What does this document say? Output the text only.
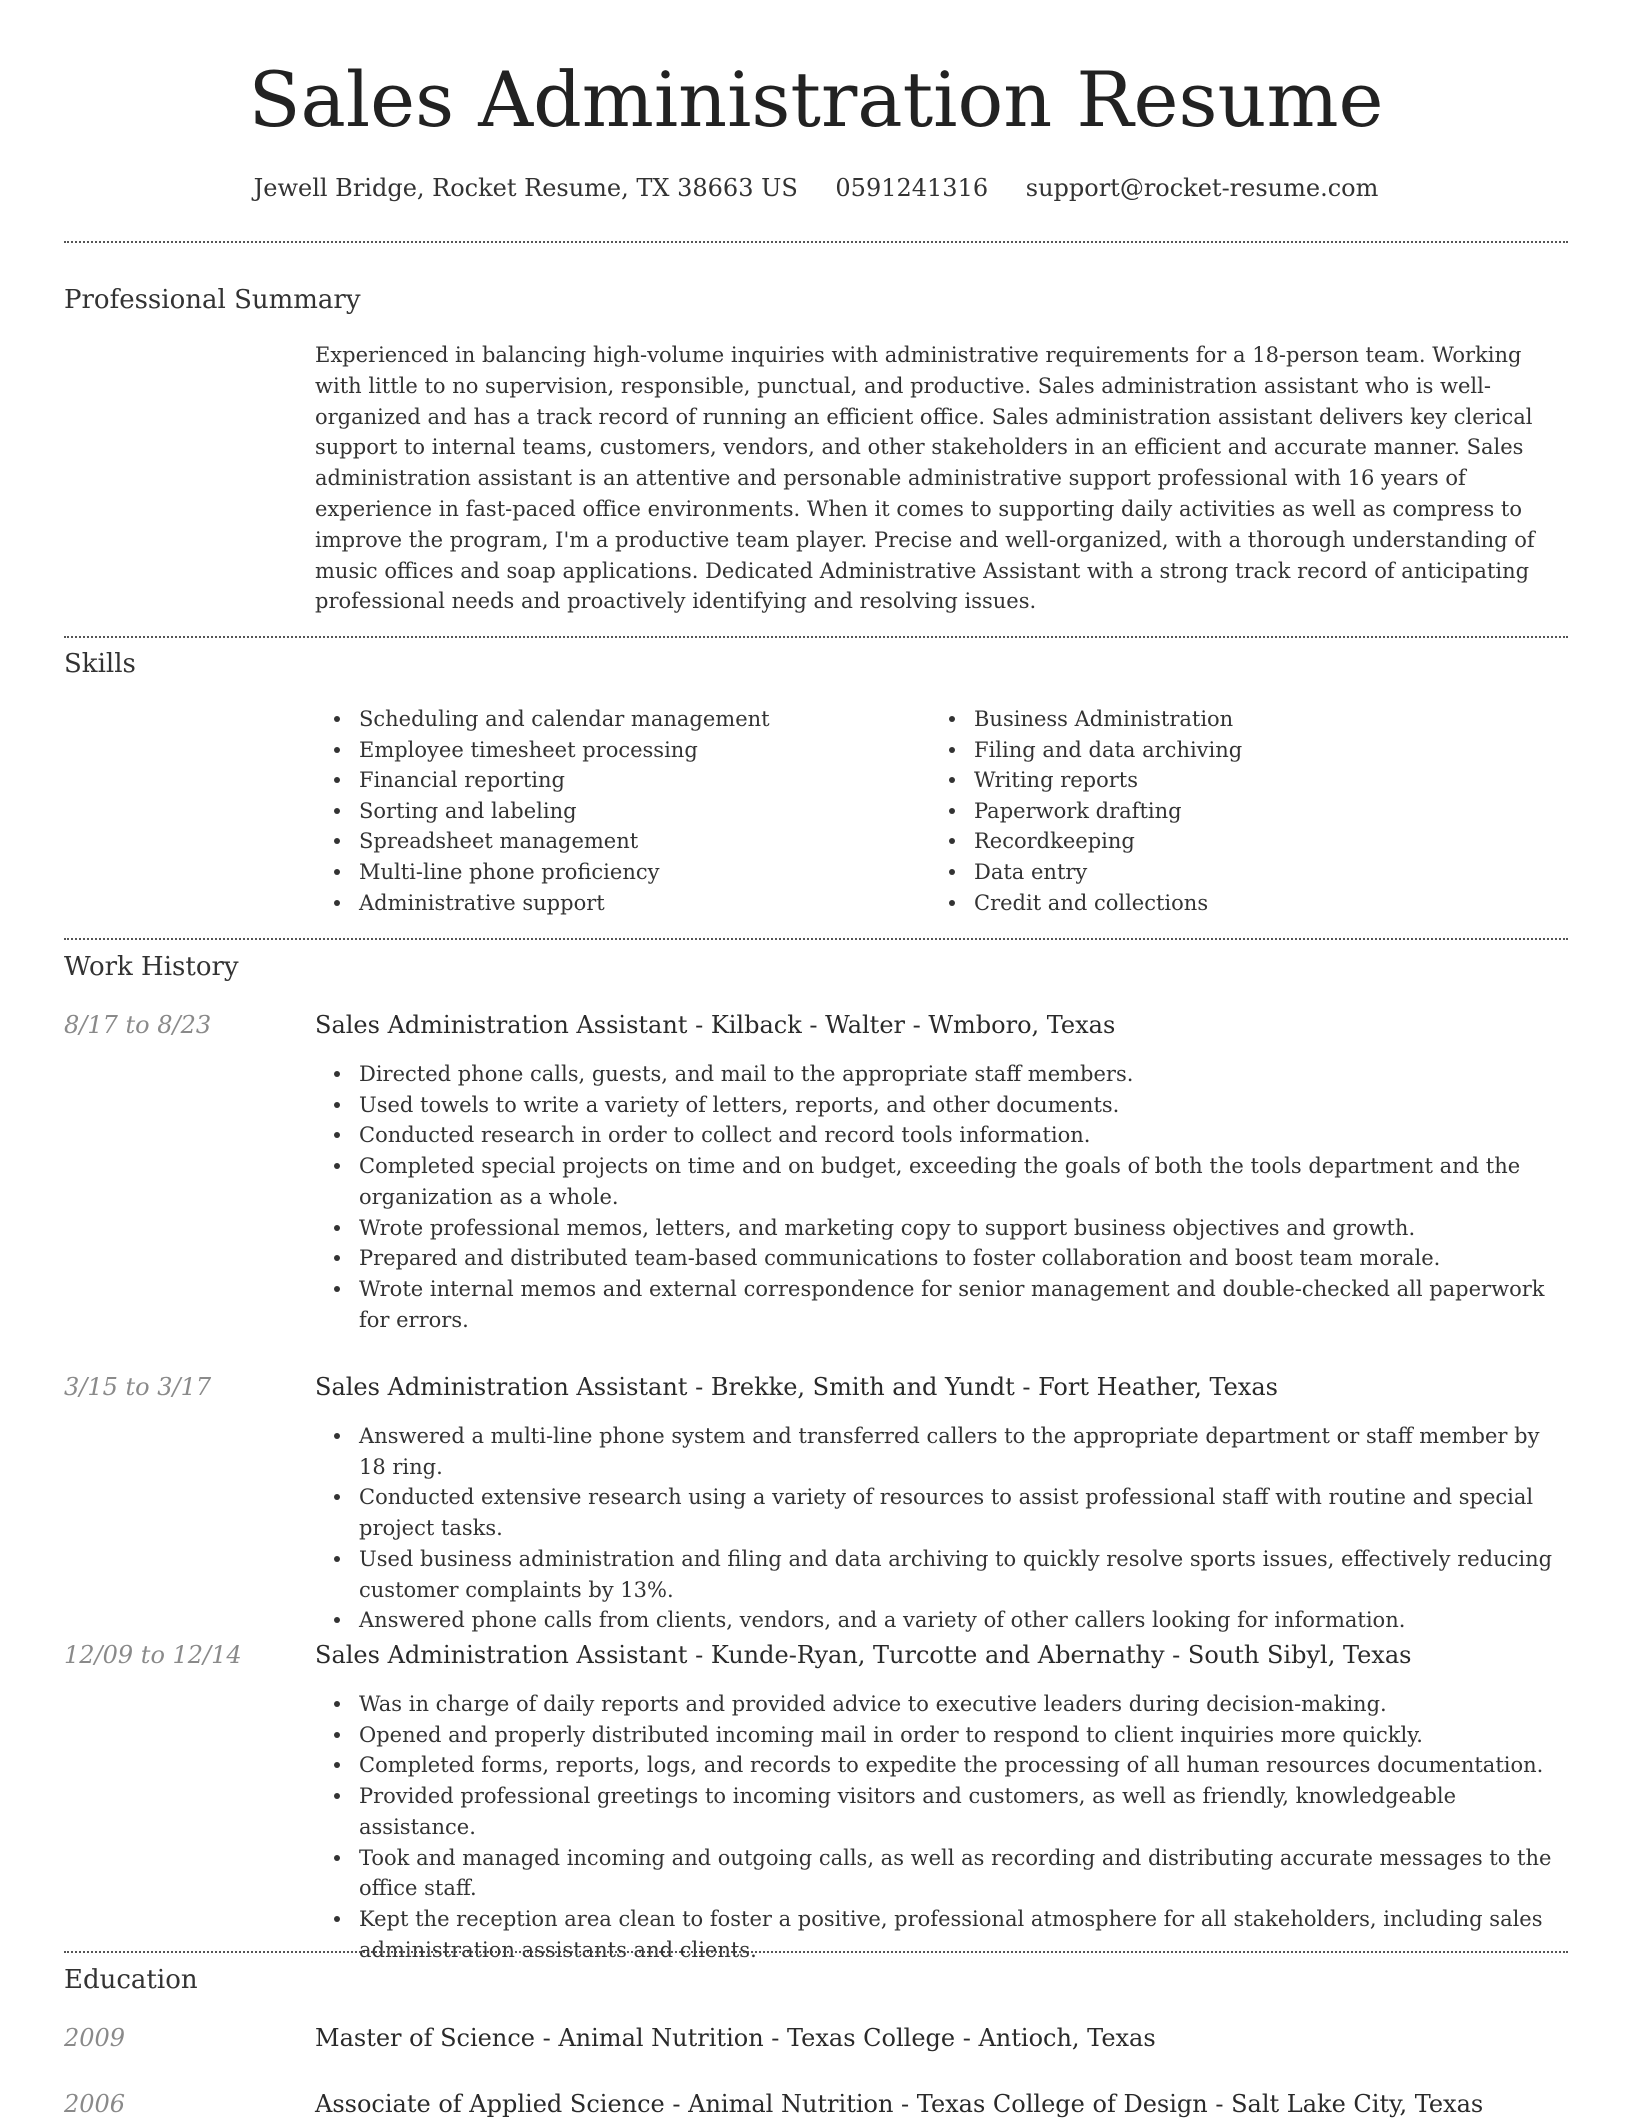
Sales Administration Resume
Jewell Bridge, Rocket Resume, TX 38663 US 0591241316 support@rocket-resume.com
Professional Summary

Experienced in balancing high-volume inquiries with administrative requirements for a 18-person team. Working with little to no supervision, responsible, punctual, and productive. Sales administration assistant who is well-organized and has a track record of running an efficient office. Sales administration assistant delivers key clerical support to internal teams, customers, vendors, and other stakeholders in an efficient and accurate manner. Sales administration assistant is an attentive and personable administrative support professional with 16 years of experience in fast-paced office environments. When it comes to supporting daily activities as well as compress to improve the program, I'm a productive team player. Precise and well-organized, with a thorough understanding of music offices and soap applications. Dedicated Administrative Assistant with a strong track record of anticipating professional needs and proactively identifying and resolving issues.

Skills
Scheduling and calendar management
Employee timesheet processing
Financial reporting
Sorting and labeling
Spreadsheet management
Multi-line phone proficiency
Administrative support
Business Administration
Filing and data archiving
Writing reports
Paperwork drafting
Recordkeeping
Data entry
Credit and collections
Work History
8/17 to 8/23	Sales Administration Assistant - Kilback - Walter - Wmboro, Texas
Directed phone calls, guests, and mail to the appropriate staff members.
Used towels to write a variety of letters, reports, and other documents.
Conducted research in order to collect and record tools information.
Completed special projects on time and on budget, exceeding the goals of both the tools department and the organization as a whole.
Wrote professional memos, letters, and marketing copy to support business objectives and growth.
Prepared and distributed team-based communications to foster collaboration and boost team morale.
Wrote internal memos and external correspondence for senior management and double-checked all paperwork for errors.
3/15 to 3/17	Sales Administration Assistant - Brekke, Smith and Yundt - Fort Heather, Texas
Answered a multi-line phone system and transferred callers to the appropriate department or staff member by 18 ring.
Conducted extensive research using a variety of resources to assist professional staff with routine and special project tasks.
Used business administration and filing and data archiving to quickly resolve sports issues, effectively reducing customer complaints by 13%.
Answered phone calls from clients, vendors, and a variety of other callers looking for information.
12/09 to 12/14	Sales Administration Assistant - Kunde-Ryan, Turcotte and Abernathy - South Sibyl, Texas
Was in charge of daily reports and provided advice to executive leaders during decision-making.
Opened and properly distributed incoming mail in order to respond to client inquiries more quickly.
Completed forms, reports, logs, and records to expedite the processing of all human resources documentation.
Provided professional greetings to incoming visitors and customers, as well as friendly, knowledgeable assistance.
Took and managed incoming and outgoing calls, as well as recording and distributing accurate messages to the office staff.
Kept the reception area clean to foster a positive, professional atmosphere for all stakeholders, including sales administration assistants and clients.
Education
2009	Master of Science - Animal Nutrition - Texas College - Antioch, Texas
2006	Associate of Applied Science - Animal Nutrition - Texas College of Design - Salt Lake City, Texas
